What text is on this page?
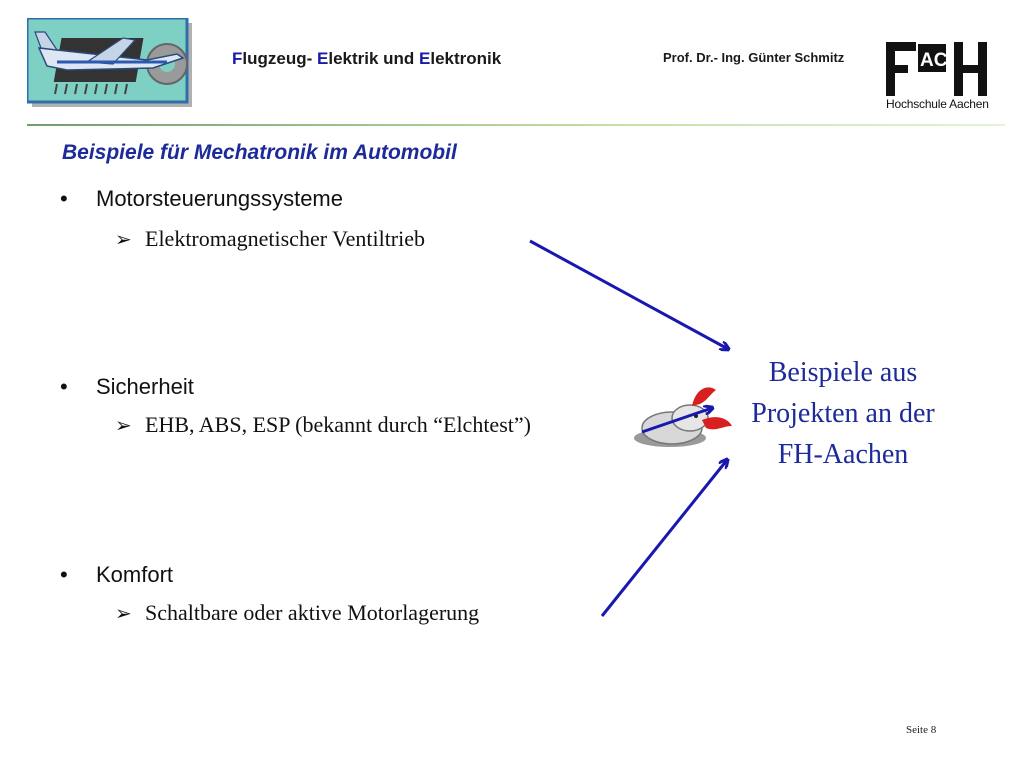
Flugzeug- Elektrik und Elektronik	Prof. Dr.- Ing. Günter Schmitz	AC
Hochschule Aachen
Beispiele für Mechatronik im Automobil
• Motorsteuerungssysteme
➢ Elektromagnetischer Ventiltrieb
• Sicherheit
➢ EHB, ABS, ESP (bekannt durch “Elchtest”)
• Komfort
➢ Schaltbare oder aktive Motorlagerung
Beispiele aus
Projekten an der
FH-Aachen
Seite 8
